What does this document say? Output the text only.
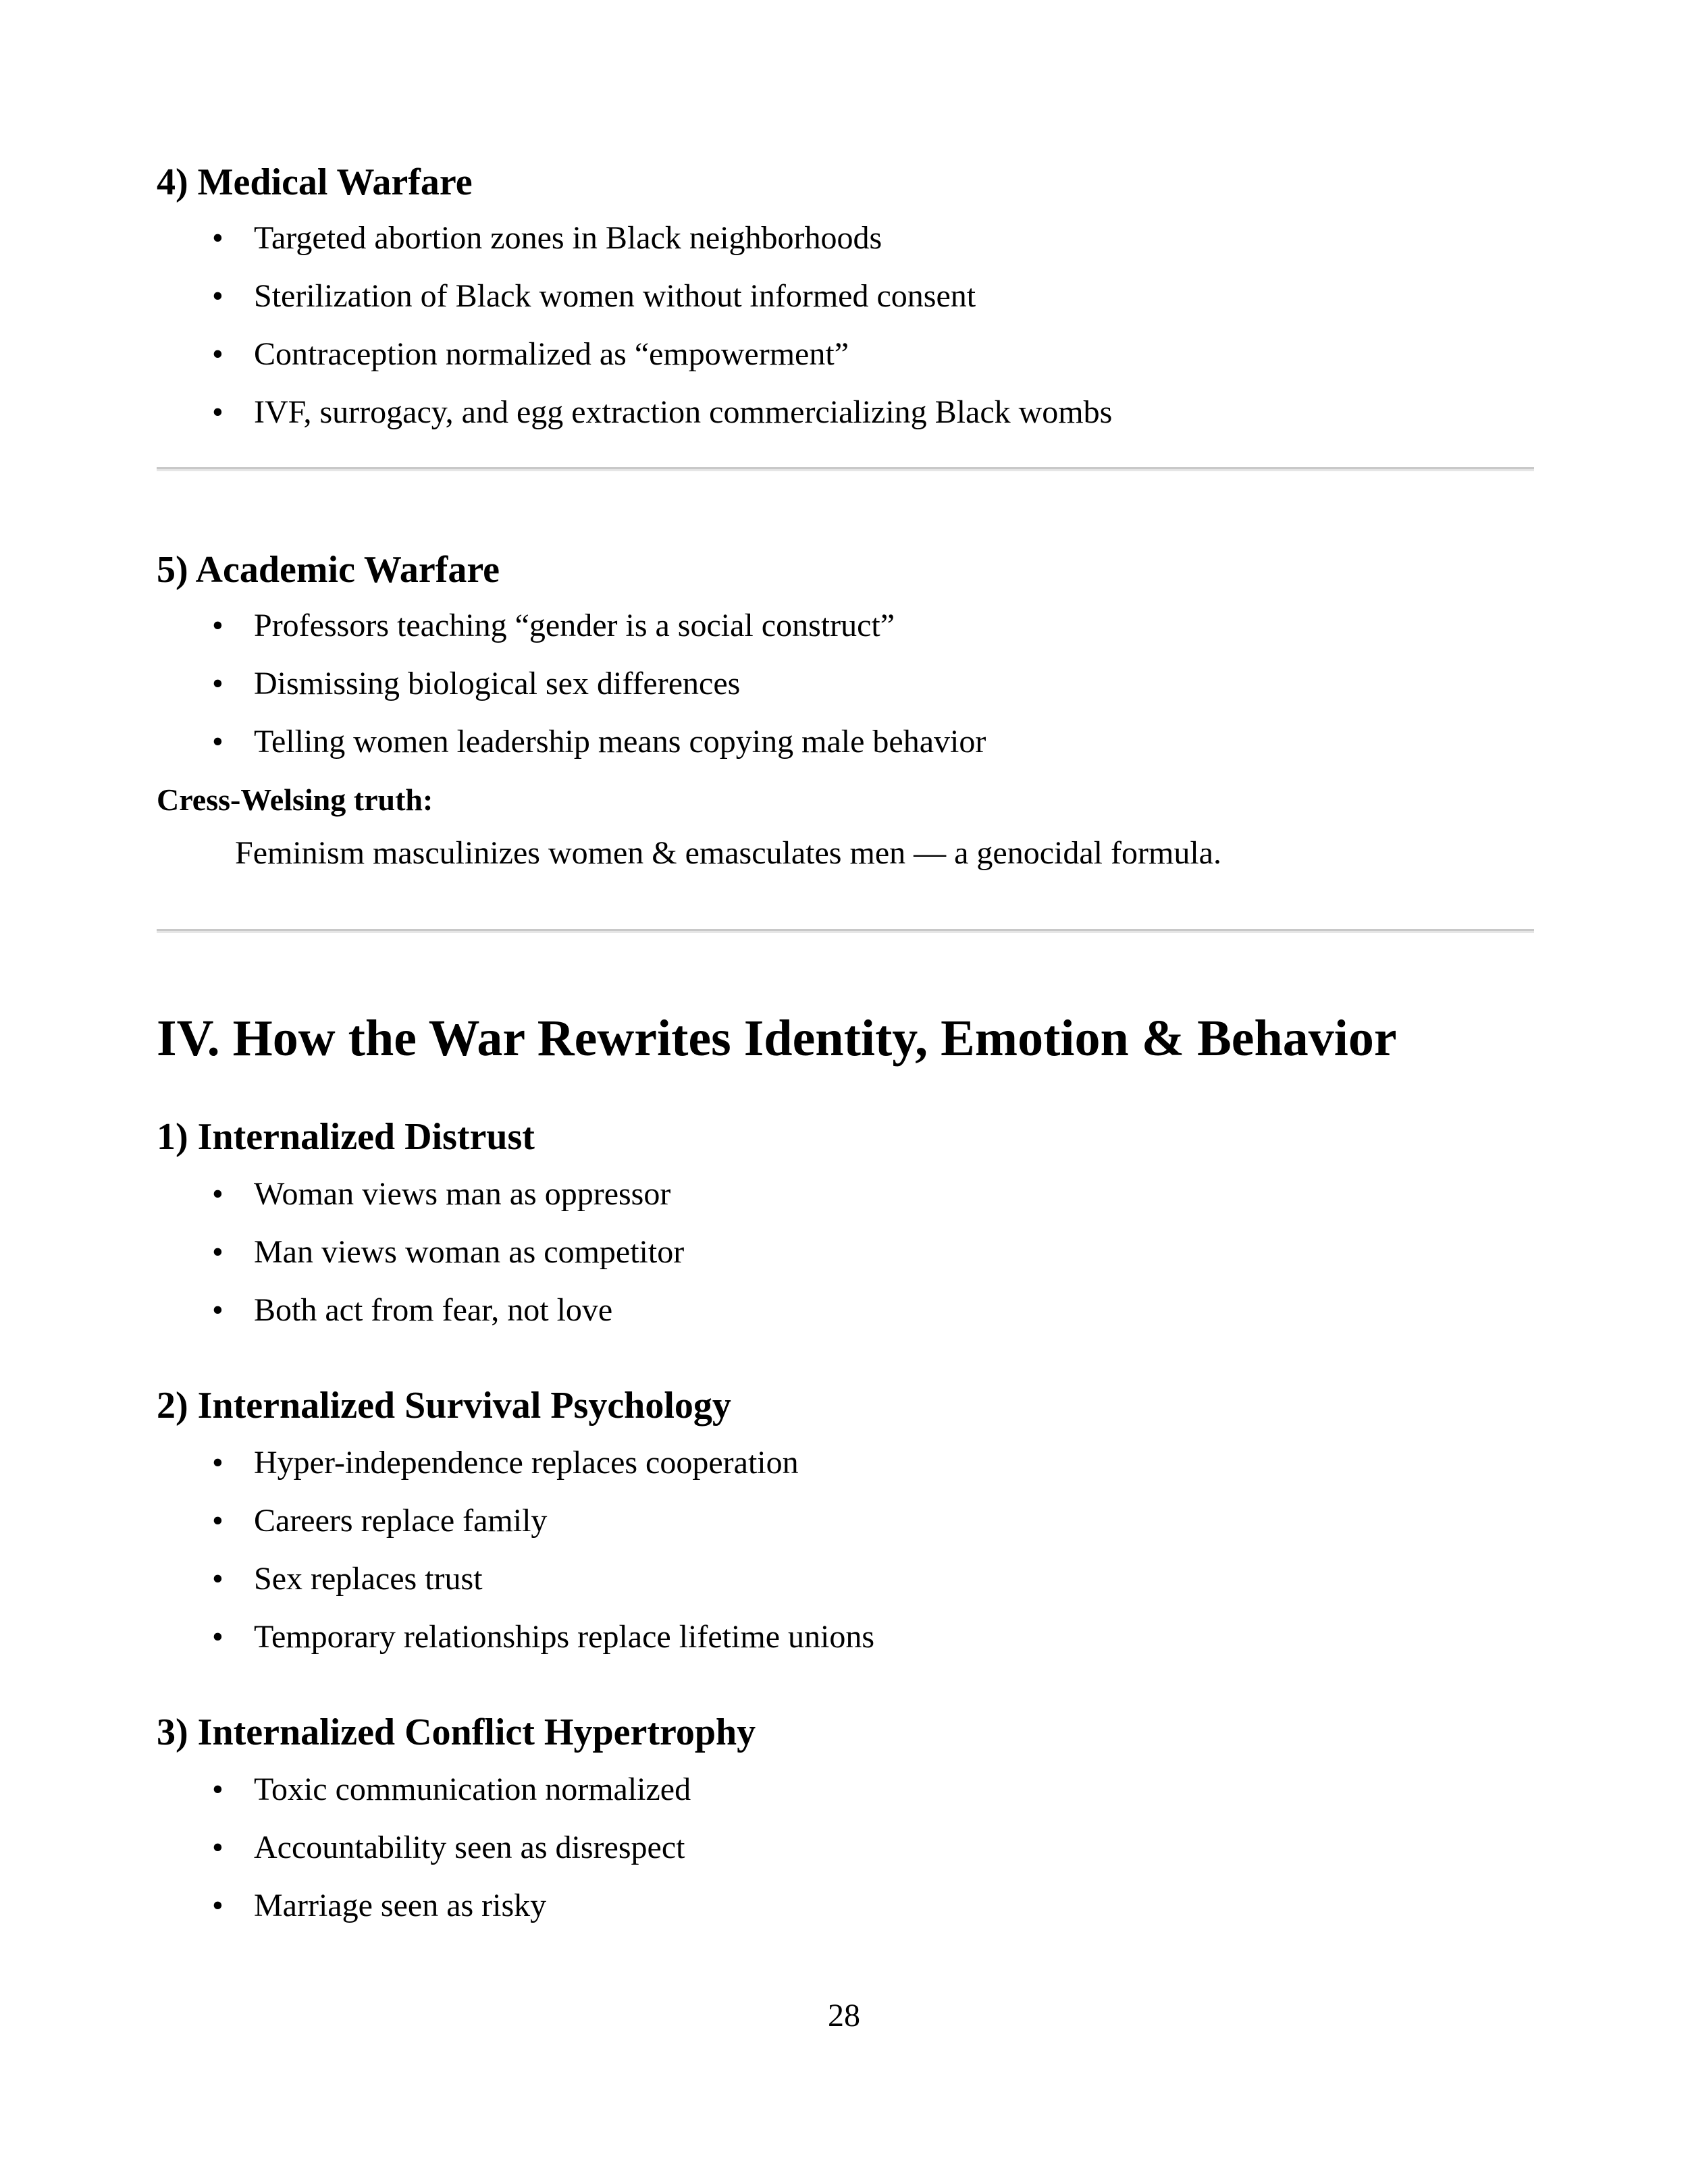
4) Medical Warfare
• Targeted abortion zones in Black neighborhoods
• Sterilization of Black women without informed consent
• Contraception normalized as “empowerment”
• IVF, surrogacy, and egg extraction commercializing Black wombs
5) Academic Warfare
• Professors teaching “gender is a social construct”
• Dismissing biological sex differences
• Telling women leadership means copying male behavior

Cress-Welsing truth:

Feminism masculinizes women & emasculates men — a genocidal formula.

IV. How the War Rewrites Identity, Emotion & Behavior
1) Internalized Distrust
• Woman views man as oppressor
• Man views woman as competitor
• Both act from fear, not love
2) Internalized Survival Psychology
• Hyper-independence replaces cooperation
• Careers replace family
• Sex replaces trust
• Temporary relationships replace lifetime unions
3) Internalized Conflict Hypertrophy
• Toxic communication normalized
• Accountability seen as disrespect
• Marriage seen as risky
28
